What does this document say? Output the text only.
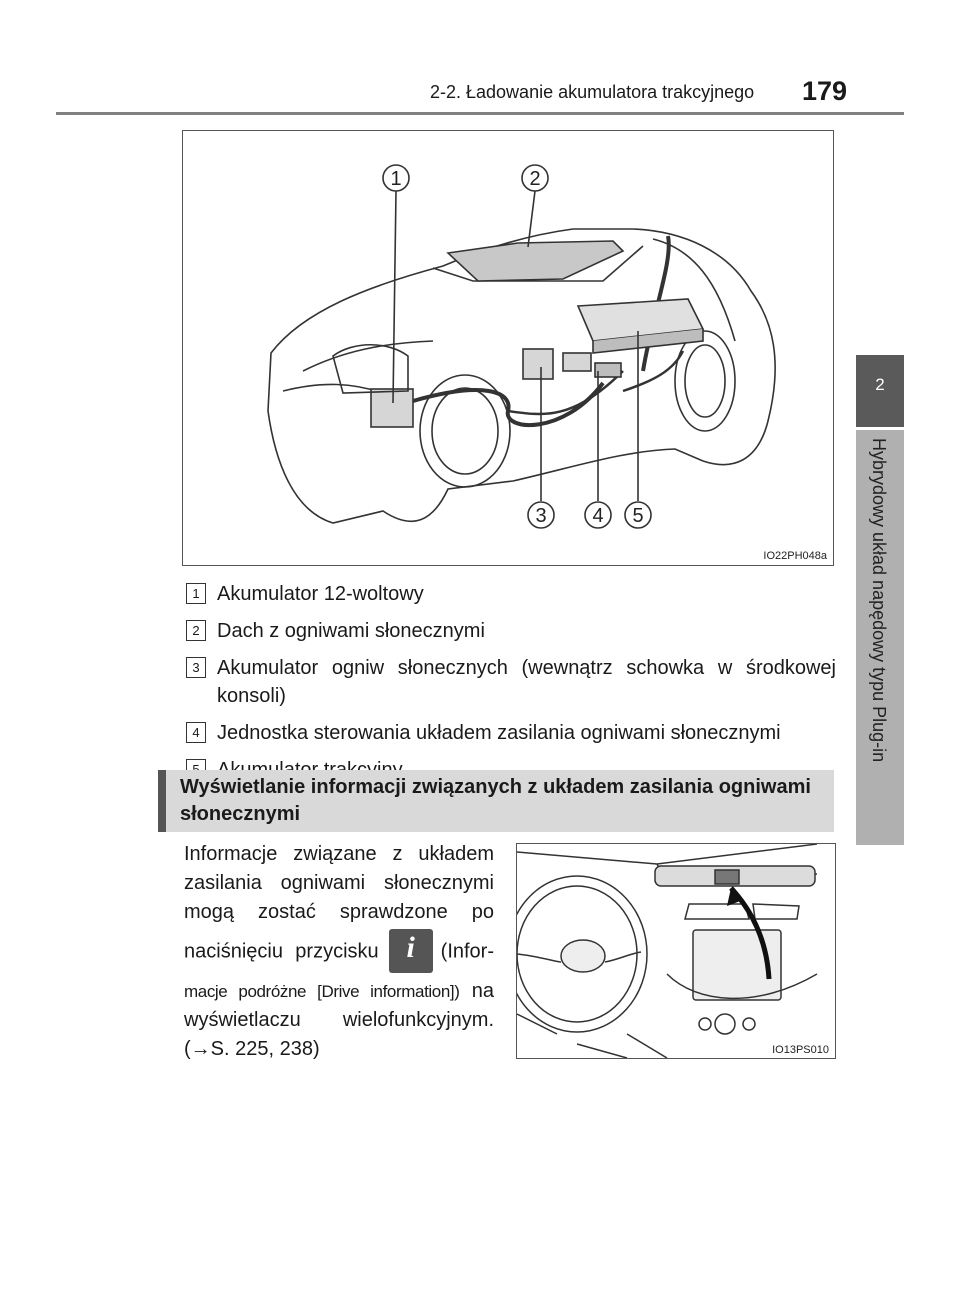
2-2. Ładowanie akumulatora trakcyjnego 179
2
Hybrydowy układ napędowy typu Plug-in
1	2
3 4 5
IO22PH048a
1 Akumulator 12-woltowy
2 Dach z ogniwami słonecznymi
3 Akumulator ogniw słonecznych (wewnątrz schowka w środkowej konsoli)
4 Jednostka sterowania układem zasilania ogniwami słonecznymi
Wyświetlanie informacji związanych z układem zasilania ogniwami słonecznymi

Informacje związane z układem zasilania ogniwami słonecznymi mogą zostać sprawdzone po naciśnięciu przycisku i	(Infor- macje podróżne [Drive information]) na wyświetlaczu wielofunkcyjnym. (→S. 225, 238)	IO13PS010
